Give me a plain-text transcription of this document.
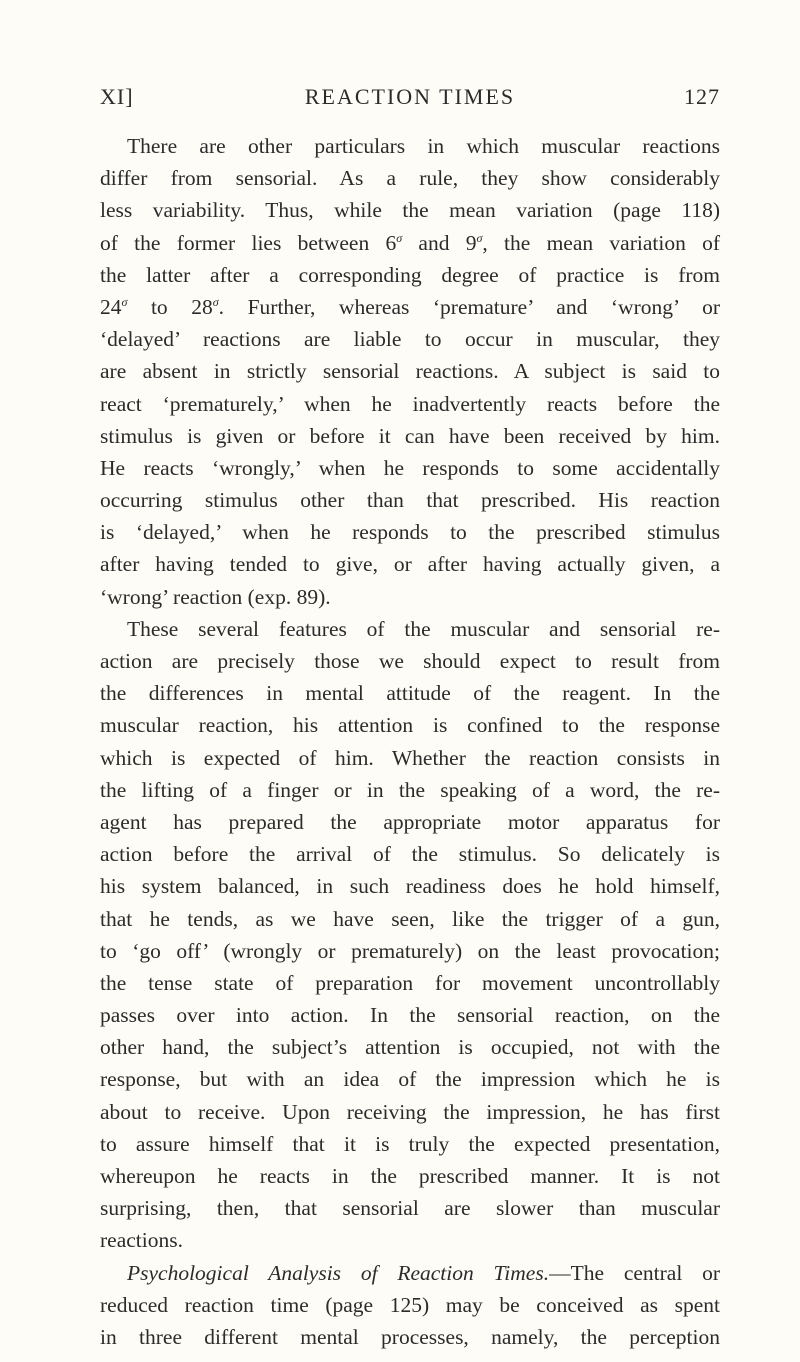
XI]	REACTION TIMES	127
There are other particulars in which muscular reactions
differ from sensorial. As a rule, they show considerably
less variability. Thus, while the mean variation (page 118)
of the former lies between $6^\sigma$ and $9^\sigma$, the mean variation of
the latter after a corresponding degree of practice is from
$24^\sigma$ to $28^\sigma$. Further, whereas ‘premature’ and ‘wrong’ or
‘delayed’ reactions are liable to occur in muscular, they
are absent in strictly sensorial reactions. A subject is said to
react ‘prematurely,’ when he inadvertently reacts before the
stimulus is given or before it can have been received by him.
He reacts ‘wrongly,’ when he responds to some accidentally
occurring stimulus other than that prescribed. His reaction
is ‘delayed,’ when he responds to the prescribed stimulus
after having tended to give, or after having actually given, a
‘wrong’ reaction (exp. 89).
These several features of the muscular and sensorial re-
action are precisely those we should expect to result from
the differences in mental attitude of the reagent. In the
muscular reaction, his attention is confined to the response
which is expected of him. Whether the reaction consists in
the lifting of a finger or in the speaking of a word, the re-
agent has prepared the appropriate motor apparatus for
action before the arrival of the stimulus. So delicately is
his system balanced, in such readiness does he hold himself,
that he tends, as we have seen, like the trigger of a gun,
to ‘go off’ (wrongly or prematurely) on the least provocation;
the tense state of preparation for movement uncontrollably
passes over into action. In the sensorial reaction, on the
other hand, the subject’s attention is occupied, not with the
response, but with an idea of the impression which he is
about to receive. Upon receiving the impression, he has first
to assure himself that it is truly the expected presentation,
whereupon he reacts in the prescribed manner. It is not
surprising, then, that sensorial are slower than muscular
reactions.
Psychological Analysis of Reaction Times.—The central or
reduced reaction time (page 125) may be conceived as spent
in three different mental processes, namely, the perception
